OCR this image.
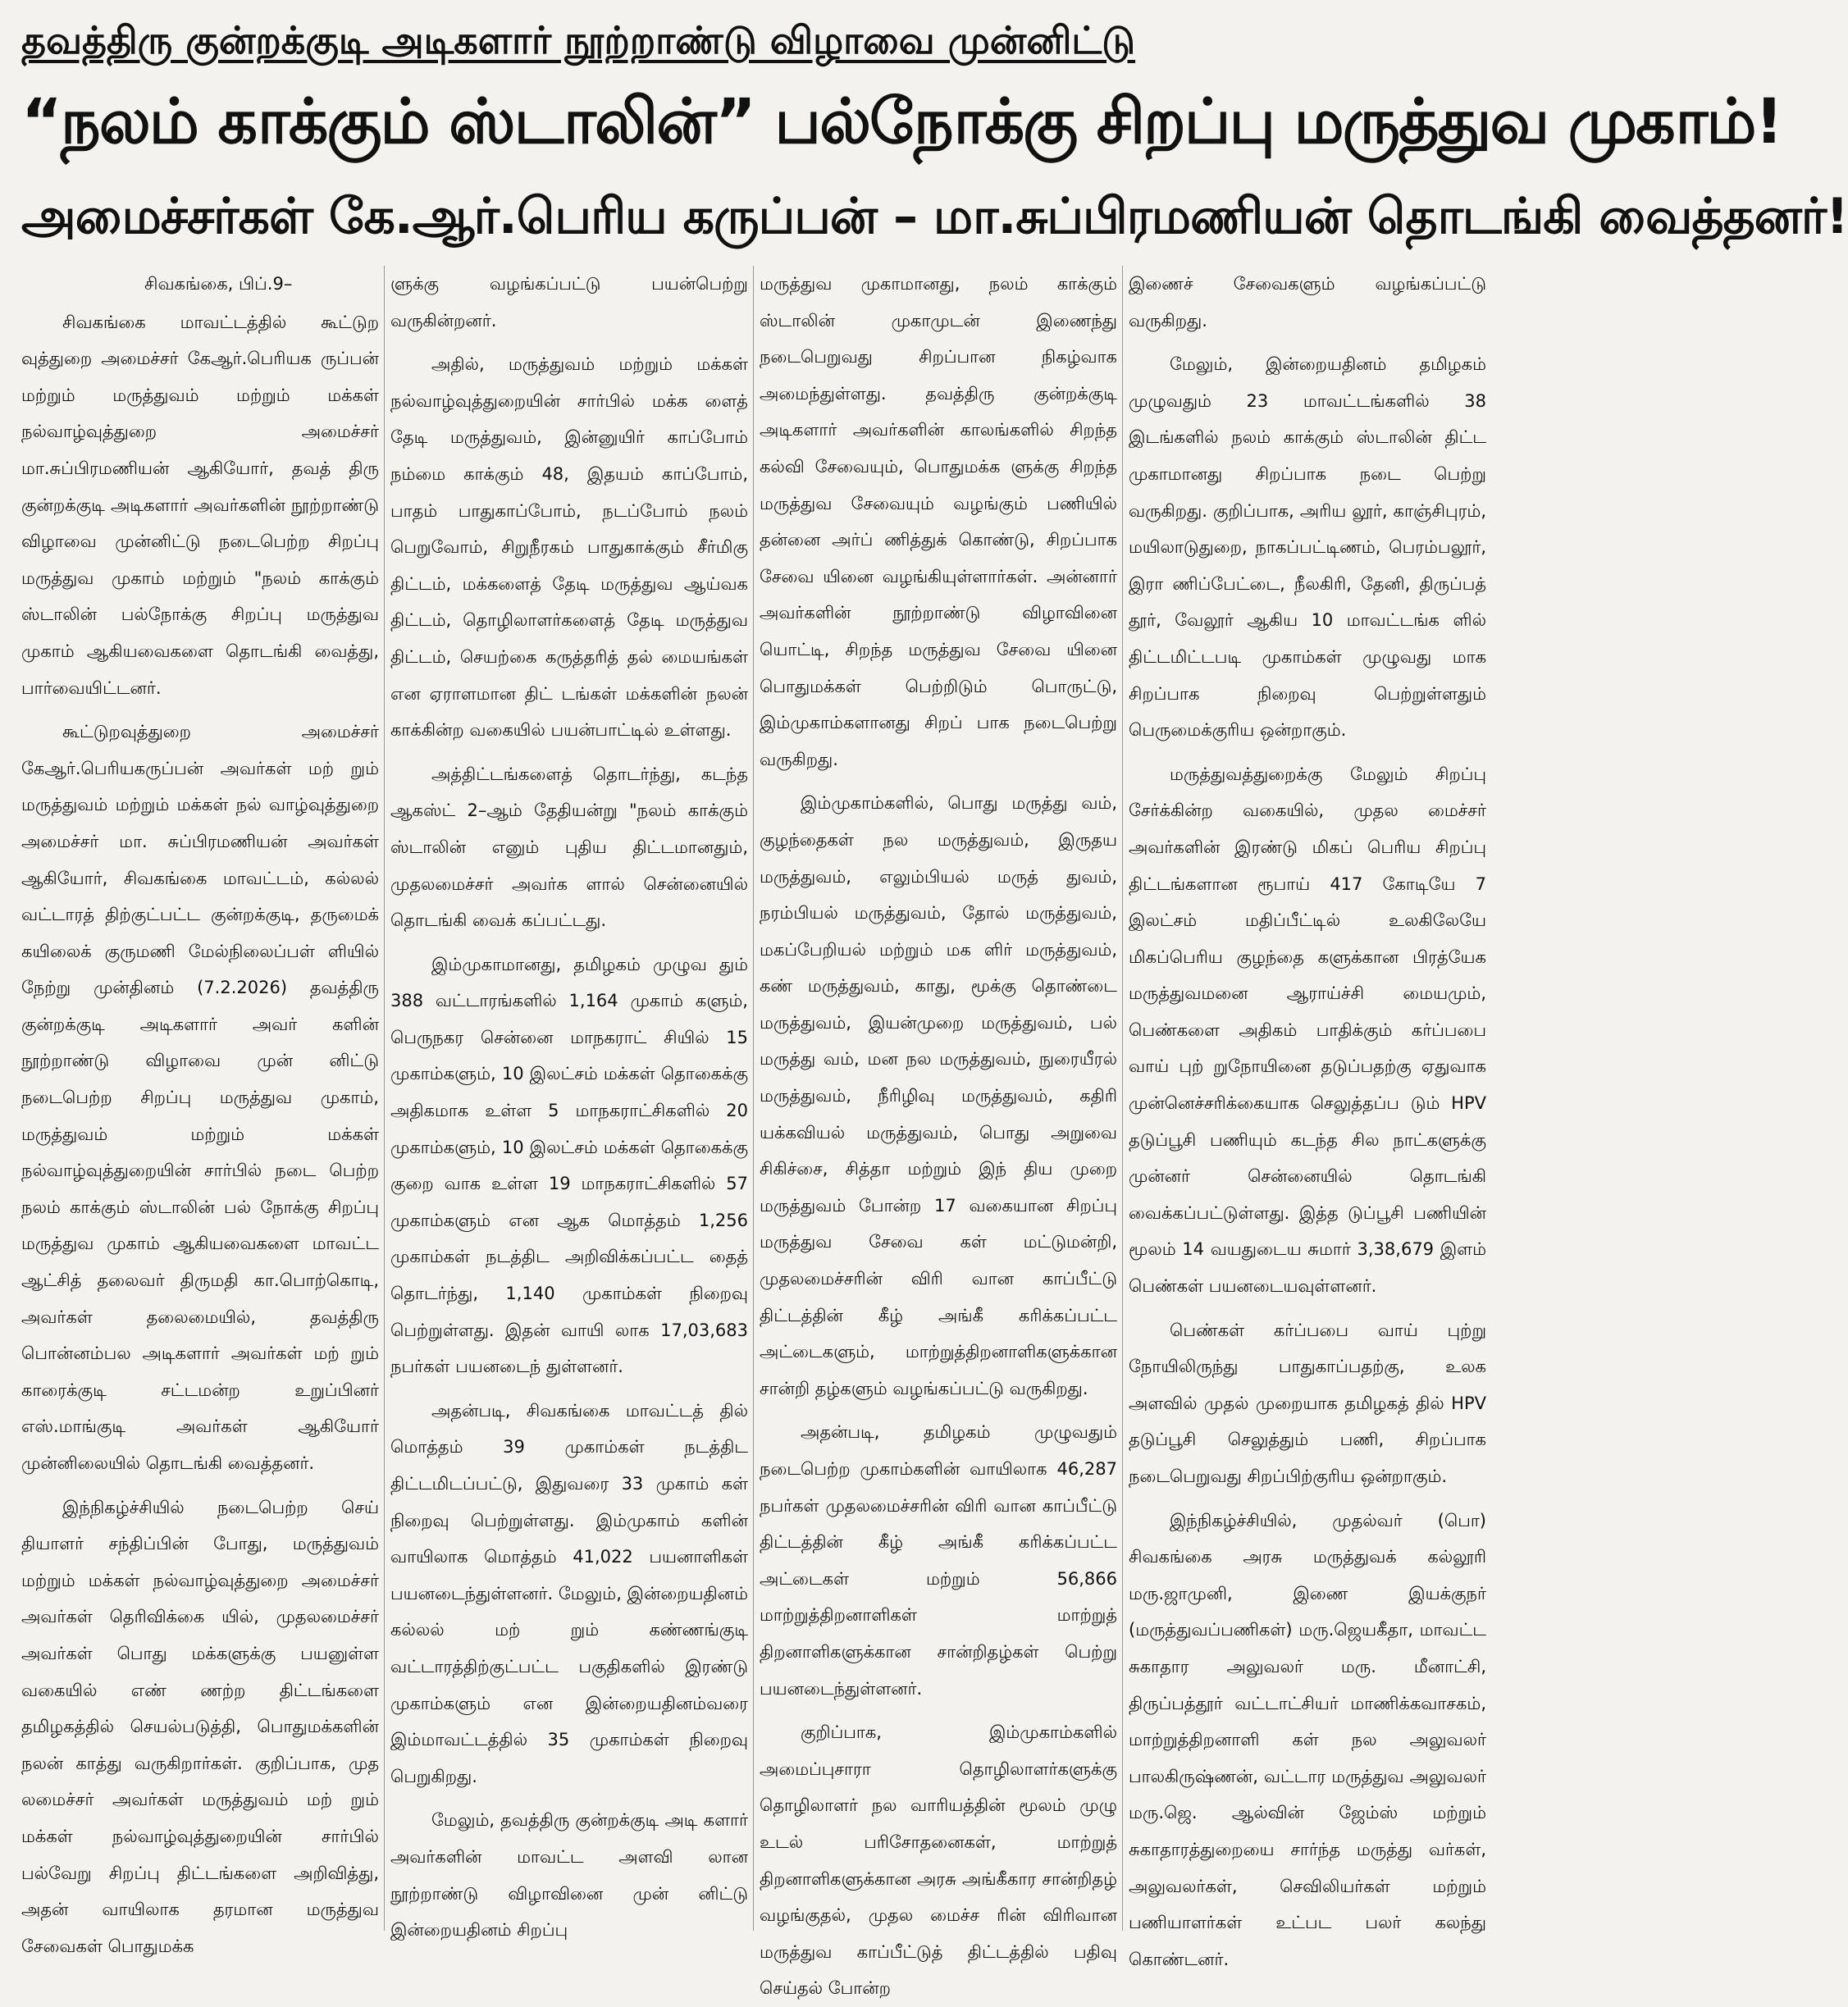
தவத்திரு குன்றக்குடி அடிகளார் நூற்றாண்டு விழாவை முன்னிட்டு
“நலம் காக்கும் ஸ்டாலின்” பல்நோக்கு சிறப்பு மருத்துவ முகாம்!
அமைச்சர்கள் கே.ஆர்.பெரிய கருப்பன் – மா.சுப்பிரமணியன் தொடங்கி வைத்தனர்!

சிவகங்கை, பிப்.9–

சிவகங்கை மாவட்டத்தில் கூட்டுற வுத்துறை அமைச்சர் கேஆர்.பெரியக ருப்பன் மற்றும் மருத்துவம் மற்றும் மக்கள் நல்வாழ்வுத்துறை அமைச்சர் மா.சுப்பிரமணியன் ஆகியோர், தவத் திரு குன்றக்குடி அடிகளார் அவர்களின் நூற்றாண்டு விழாவை முன்னிட்டு நடைபெற்ற சிறப்பு மருத்துவ முகாம் மற்றும் "நலம் காக்கும் ஸ்டாலின் பல்நோக்கு சிறப்பு மருத்துவ முகாம் ஆகியவைகளை தொடங்கி வைத்து, பார்வையிட்டனர்.

கூட்டுறவுத்துறை அமைச்சர் கேஆர்.பெரியகருப்பன் அவர்கள் மற் றும் மருத்துவம் மற்றும் மக்கள் நல் வாழ்வுத்துறை அமைச்சர் மா. சுப்பிரமணியன் அவர்கள் ஆகியோர், சிவகங்கை மாவட்டம், கல்லல் வட்டாரத் திற்குட்பட்ட குன்றக்குடி, தருமைக் கயிலைக் குருமணி மேல்நிலைப்பள் ளியில் நேற்று முன்தினம் (7.2.2026) தவத்திரு குன்றக்குடி அடிகளார் அவர் களின் நூற்றாண்டு விழாவை முன் னிட்டு நடைபெற்ற சிறப்பு மருத்துவ முகாம், மருத்துவம் மற்றும் மக்கள் நல்வாழ்வுத்துறையின் சார்பில் நடை பெற்ற நலம் காக்கும் ஸ்டாலின் பல் நோக்கு சிறப்பு மருத்துவ முகாம் ஆகியவைகளை மாவட்ட ஆட்சித் தலைவர் திருமதி கா.பொற்கொடி, அவர்கள் தலைமையில், தவத்திரு பொன்னம்பல அடிகளார் அவர்கள் மற் றும் காரைக்குடி சட்டமன்ற உறுப்பினர் எஸ்.மாங்குடி அவர்கள் ஆகியோர் முன்னிலையில் தொடங்கி வைத்தனர்.

இந்நிகழ்ச்சியில் நடைபெற்ற செய் தியாளர் சந்திப்பின் போது, மருத்துவம் மற்றும் மக்கள் நல்வாழ்வுத்துறை அமைச்சர் அவர்கள் தெரிவிக்கை யில், முதலமைச்சர் அவர்கள் பொது மக்களுக்கு பயனுள்ள வகையில் எண் ணற்ற திட்டங்களை தமிழகத்தில் செயல்படுத்தி, பொதுமக்களின் நலன் காத்து வருகிறார்கள். குறிப்பாக, முத லமைச்சர் அவர்கள் மருத்துவம் மற் றும் மக்கள் நல்வாழ்வுத்துறையின் சார்பில் பல்வேறு சிறப்பு திட்டங்களை அறிவித்து, அதன் வாயிலாக தரமான மருத்துவ சேவைகள் பொதுமக்க

ளுக்கு வழங்கப்பட்டு பயன்பெற்று வருகின்றனர்.

அதில், மருத்துவம் மற்றும் மக்கள் நல்வாழ்வுத்துறையின் சார்பில் மக்க ளைத் தேடி மருத்துவம், இன்னுயிர் காப்போம் நம்மை காக்கும் 48, இதயம் காப்போம், பாதம் பாதுகாப்போம், நடப்போம் நலம் பெறுவோம், சிறுநீரகம் பாதுகாக்கும் சீர்மிகு திட்டம், மக்களைத் தேடி மருத்துவ ஆய்வக திட்டம், தொழிலாளர்களைத் தேடி மருத்துவ திட்டம், செயற்கை கருத்தரித் தல் மையங்கள் என ஏராளமான திட் டங்கள் மக்களின் நலன் காக்கின்ற வகையில் பயன்பாட்டில் உள்ளது.

அத்திட்டங்களைத் தொடர்ந்து, கடந்த ஆகஸ்ட் 2–ஆம் தேதியன்று "நலம் காக்கும் ஸ்டாலின் எனும் புதிய திட்டமானதும், முதலமைச்சர் அவர்க ளால் சென்னையில் தொடங்கி வைக் கப்பட்டது.

இம்முகாமானது, தமிழகம் முழுவ தும் 388 வட்டாரங்களில் 1,164 முகாம் களும், பெருநகர சென்னை மாநகராட் சியில் 15 முகாம்களும், 10 இலட்சம் மக்கள் தொகைக்கு அதிகமாக உள்ள 5 மாநகராட்சிகளில் 20 முகாம்களும், 10 இலட்சம் மக்கள் தொகைக்கு குறை வாக உள்ள 19 மாநகராட்சிகளில் 57 முகாம்களும் என ஆக மொத்தம் 1,256 முகாம்கள் நடத்திட அறிவிக்கப்பட்ட தைத் தொடர்ந்து, 1,140 முகாம்கள் நிறைவு பெற்றுள்ளது. இதன் வாயி லாக 17,03,683 நபர்கள் பயனடைந் துள்ளனர்.

அதன்படி, சிவகங்கை மாவட்டத் தில் மொத்தம் 39 முகாம்கள் நடத்திட திட்டமிடப்பட்டு, இதுவரை 33 முகாம் கள் நிறைவு பெற்றுள்ளது. இம்முகாம் களின் வாயிலாக மொத்தம் 41,022 பயனாளிகள் பயனடைந்துள்ளனர். மேலும், இன்றையதினம் கல்லல் மற் றும் கண்ணங்குடி வட்டாரத்திற்குட்பட்ட பகுதிகளில் இரண்டு முகாம்களும் என இன்றையதினம்வரை இம்மாவட்டத்தில் 35 முகாம்கள் நிறைவு பெறுகிறது.

மேலும், தவத்திரு குன்றக்குடி அடி களார் அவர்களின் மாவட்ட அளவி லான நூற்றாண்டு விழாவினை முன் னிட்டு இன்றையதினம் சிறப்பு

மருத்துவ முகாமானது, நலம் காக்கும் ஸ்டாலின் முகாமுடன் இணைந்து நடைபெறுவது சிறப்பான நிகழ்வாக அமைந்துள்ளது. தவத்திரு குன்றக்குடி அடிகளார் அவர்களின் காலங்களில் சிறந்த கல்வி சேவையும், பொதுமக்க ளுக்கு சிறந்த மருத்துவ சேவையும் வழங்கும் பணியில் தன்னை அர்ப் ணித்துக் கொண்டு, சிறப்பாக சேவை யினை வழங்கியுள்ளார்கள். அன்னார் அவர்களின் நூற்றாண்டு விழாவினை யொட்டி, சிறந்த மருத்துவ சேவை யினை பொதுமக்கள் பெற்றிடும் பொருட்டு, இம்முகாம்களானது சிறப் பாக நடைபெற்று வருகிறது.

இம்முகாம்களில், பொது மருத்து வம், குழந்தைகள் நல மருத்துவம், இருதய மருத்துவம், எலும்பியல் மருத் துவம், நரம்பியல் மருத்துவம், தோல் மருத்துவம், மகப்பேறியல் மற்றும் மக ளிர் மருத்துவம், கண் மருத்துவம், காது, மூக்கு தொண்டை மருத்துவம், இயன்முறை மருத்துவம், பல் மருத்து வம், மன நல மருத்துவம், நுரையீரல் மருத்துவம், நீரிழிவு மருத்துவம், கதிரி யக்கவியல் மருத்துவம், பொது அறுவை சிகிச்சை, சித்தா மற்றும் இந் திய முறை மருத்துவம் போன்ற 17 வகையான சிறப்பு மருத்துவ சேவை கள் மட்டுமன்றி, முதலமைச்சரின் விரி வான காப்பீட்டு திட்டத்தின் கீழ் அங்கீ கரிக்கப்பட்ட அட்டைகளும், மாற்றுத்திறனாளிகளுக்கான சான்றி தழ்களும் வழங்கப்பட்டு வருகிறது.

அதன்படி, தமிழகம் முழுவதும் நடைபெற்ற முகாம்களின் வாயிலாக 46,287 நபர்கள் முதலமைச்சரின் விரி வான காப்பீட்டு திட்டத்தின் கீழ் அங்கீ கரிக்கப்பட்ட அட்டைகள் மற்றும் 56,866 மாற்றுத்திறனாளிகள் மாற்றுத் திறனாளிகளுக்கான சான்றிதழ்கள் பெற்று பயனடைந்துள்ளனர்.

குறிப்பாக, இம்முகாம்களில் அமைப்புசாரா தொழிலாளர்களுக்கு தொழிலாளர் நல வாரியத்தின் மூலம் முழு உடல் பரிசோதனைகள், மாற்றுத் திறனாளிகளுக்கான அரசு அங்கீகார சான்றிதழ் வழங்குதல், முதல மைச்ச ரின் விரிவான மருத்துவ காப்பீட்டுத் திட்டத்தில் பதிவு செய்தல் போன்ற

இணைச் சேவைகளும் வழங்கப்பட்டு வருகிறது.

மேலும், இன்றையதினம் தமிழகம் முழுவதும் 23 மாவட்டங்களில் 38 இடங்களில் நலம் காக்கும் ஸ்டாலின் திட்ட முகாமானது சிறப்பாக நடை பெற்று வருகிறது. குறிப்பாக, அரிய லூர், காஞ்சிபுரம், மயிலாடுதுறை, நாகப்பட்டிணம், பெரம்பலூர், இரா ணிப்பேட்டை, நீலகிரி, தேனி, திருப்பத் தூர், வேலூர் ஆகிய 10 மாவட்டங்க ளில் திட்டமிட்டபடி முகாம்கள் முழுவது மாக சிறப்பாக நிறைவு பெற்றுள்ளதும் பெருமைக்குரிய ஒன்றாகும்.

மருத்துவத்துறைக்கு மேலும் சிறப்பு சேர்க்கின்ற வகையில், முதல மைச்சர் அவர்களின் இரண்டு மிகப் பெரிய சிறப்பு திட்டங்களான ரூபாய் 417 கோடியே 7 இலட்சம் மதிப்பீட்டில் உலகிலேயே மிகப்பெரிய குழந்தை களுக்கான பிரத்யேக மருத்துவமனை ஆராய்ச்சி மையமும், பெண்களை அதிகம் பாதிக்கும் கர்ப்பபை வாய் புற் றுநோயினை தடுப்பதற்கு ஏதுவாக முன்னெச்சரிக்கையாக செலுத்தப்ப டும் HPV தடுப்பூசி பணியும் கடந்த சில நாட்களுக்கு முன்னர் சென்னையில் தொடங்கி வைக்கப்பட்டுள்ளது. இத்த டுப்பூசி பணியின் மூலம் 14 வயதுடைய சுமார் 3,38,679 இளம் பெண்கள் பயனடையவுள்ளனர்.

பெண்கள் கர்ப்பபை வாய் புற்று நோயிலிருந்து பாதுகாப்பதற்கு, உலக அளவில் முதல் முறையாக தமிழகத் தில் HPV தடுப்பூசி செலுத்தும் பணி, சிறப்பாக நடைபெறுவது சிறப்பிற்குரிய ஒன்றாகும்.

இந்நிகழ்ச்சியில், முதல்வர் (பொ) சிவகங்கை அரசு மருத்துவக் கல்லூரி மரு.ஜாமுனி, இணை இயக்குநர் (மருத்துவப்பணிகள்) மரு.ஜெயகீதா, மாவட்ட சுகாதார அலுவலர் மரு. மீனாட்சி, திருப்பத்தூர் வட்டாட்சியர் மாணிக்கவாசகம், மாற்றுத்திறனாளி கள் நல அலுவலர் பாலகிருஷ்ணன், வட்டார மருத்துவ அலுவலர் மரு.ஜெ. ஆல்வின் ஜேம்ஸ் மற்றும் சுகாதாரத்துறையை சார்ந்த மருத்து வர்கள், அலுவலர்கள், செவிலியர்கள் மற்றும் பணியாளர்கள் உட்பட பலர் கலந்து கொண்டனர்.
